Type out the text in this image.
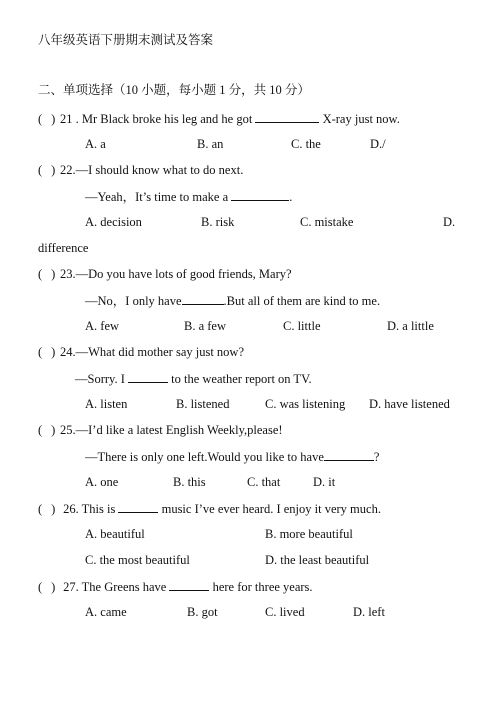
八年级英语下册期末测试及答案
二、单项选择（10 小题，每小题 1 分，共 10 分）
( ) 21 . Mr Black broke his leg and he got	X-ray just now.
A. a	B. an	C. the	D./
( ) 22.—I should know what to do next.
—Yeah，It’s time to make a	.
A. decision	B. risk	C. mistake	D.
difference
( ) 23.—Do you have lots of good friends, Mary?
—No，I only have	.But all of them are kind to me.
A. few	B. a few	C. little	D. a little
( ) 24.—What did mother say just now?
—Sorry. I	to the weather report on TV.
A. listen	B. listened	C. was listening D. have listened
( ) 25.—I’d like a latest English Weekly,please!
—There is only one left.Would you like to have	?
A. one	B. this	C. that	D. it
( ) 26. This is	music I’ve ever heard. I enjoy it very much.
A. beautiful	B. more beautiful
C. the most beautiful	D. the least beautiful
( ) 27. The Greens have	here for three years.
A. came	B. got	C. lived	D. left
